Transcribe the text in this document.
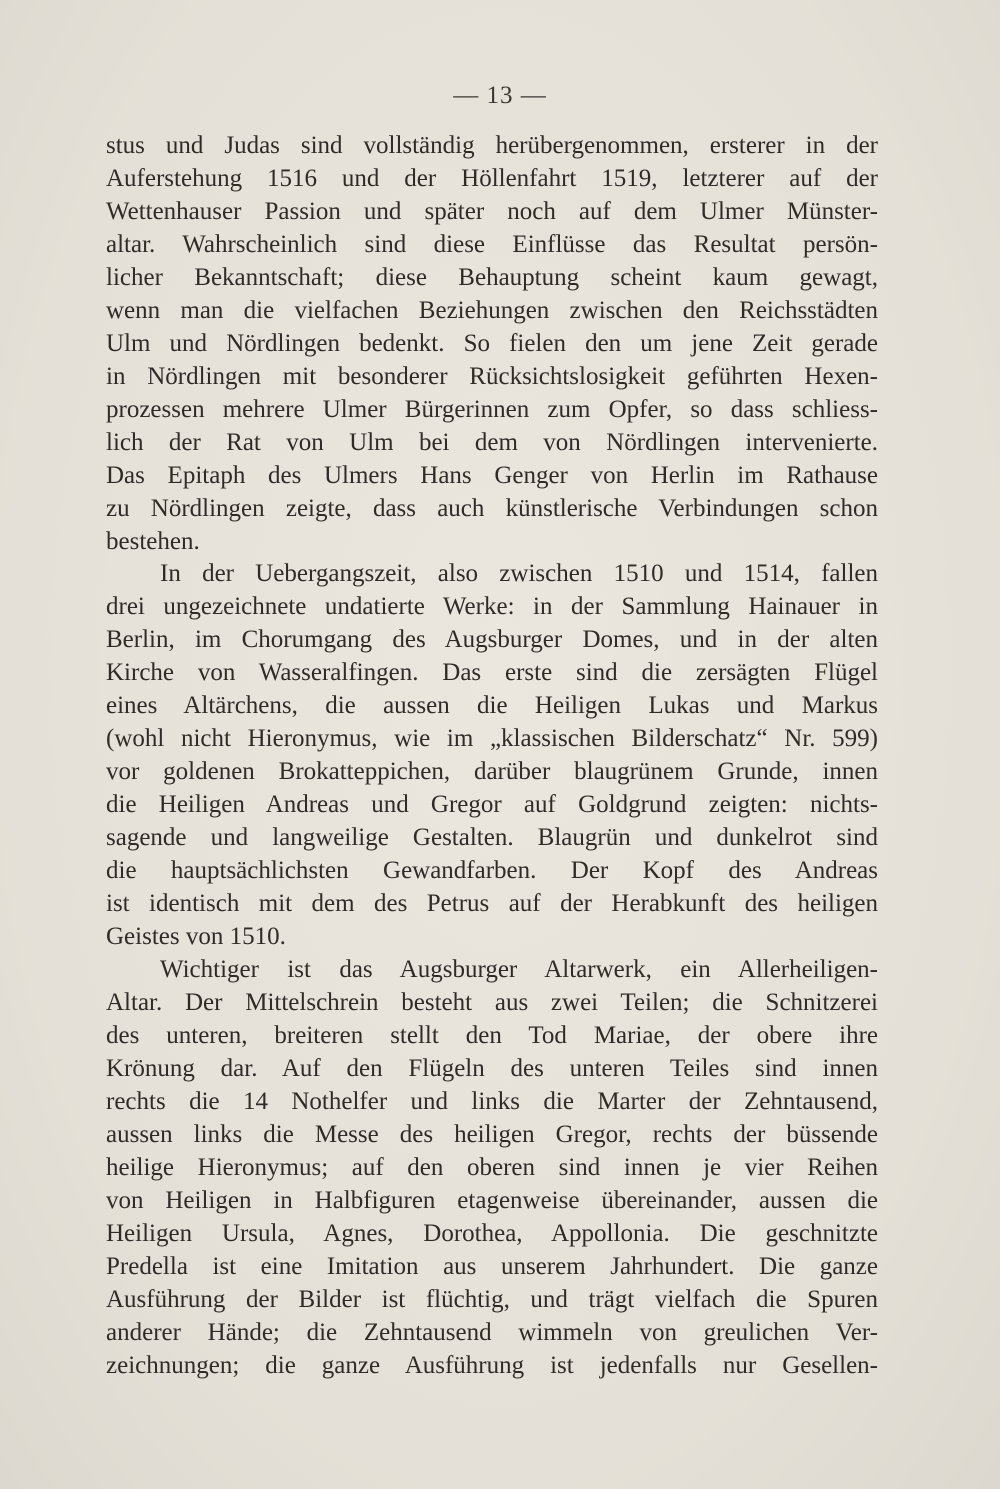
— 13 —
stus und Judas sind vollständig herübergenommen, ersterer in der
Auferstehung 1516 und der Höllenfahrt 1519, letzterer auf der
Wettenhauser Passion und später noch auf dem Ulmer Münster-
altar. Wahrscheinlich sind diese Einflüsse das Resultat persön-
licher Bekanntschaft; diese Behauptung scheint kaum gewagt,
wenn man die vielfachen Beziehungen zwischen den Reichsstädten
Ulm und Nördlingen bedenkt. So fielen den um jene Zeit gerade
in Nördlingen mit besonderer Rücksichtslosigkeit geführten Hexen-
prozessen mehrere Ulmer Bürgerinnen zum Opfer, so dass schliess-
lich der Rat von Ulm bei dem von Nördlingen intervenierte.
Das Epitaph des Ulmers Hans Genger von Herlin im Rathause
zu Nördlingen zeigte, dass auch künstlerische Verbindungen schon
bestehen.
In der Uebergangszeit, also zwischen 1510 und 1514, fallen
drei ungezeichnete undatierte Werke: in der Sammlung Hainauer in
Berlin, im Chorumgang des Augsburger Domes, und in der alten
Kirche von Wasseralfingen. Das erste sind die zersägten Flügel
eines Altärchens, die aussen die Heiligen Lukas und Markus
(wohl nicht Hieronymus, wie im „klassischen Bilderschatz“ Nr. 599)
vor goldenen Brokatteppichen, darüber blaugrünem Grunde, innen
die Heiligen Andreas und Gregor auf Goldgrund zeigten: nichts-
sagende und langweilige Gestalten. Blaugrün und dunkelrot sind
die hauptsächlichsten Gewandfarben. Der Kopf des Andreas
ist identisch mit dem des Petrus auf der Herabkunft des heiligen
Geistes von 1510.
Wichtiger ist das Augsburger Altarwerk, ein Allerheiligen-
Altar. Der Mittelschrein besteht aus zwei Teilen; die Schnitzerei
des unteren, breiteren stellt den Tod Mariae, der obere ihre
Krönung dar. Auf den Flügeln des unteren Teiles sind innen
rechts die 14 Nothelfer und links die Marter der Zehntausend,
aussen links die Messe des heiligen Gregor, rechts der büssende
heilige Hieronymus; auf den oberen sind innen je vier Reihen
von Heiligen in Halbfiguren etagenweise übereinander, aussen die
Heiligen Ursula, Agnes, Dorothea, Appollonia. Die geschnitzte
Predella ist eine Imitation aus unserem Jahrhundert. Die ganze
Ausführung der Bilder ist flüchtig, und trägt vielfach die Spuren
anderer Hände; die Zehntausend wimmeln von greulichen Ver-
zeichnungen; die ganze Ausführung ist jedenfalls nur Gesellen-
